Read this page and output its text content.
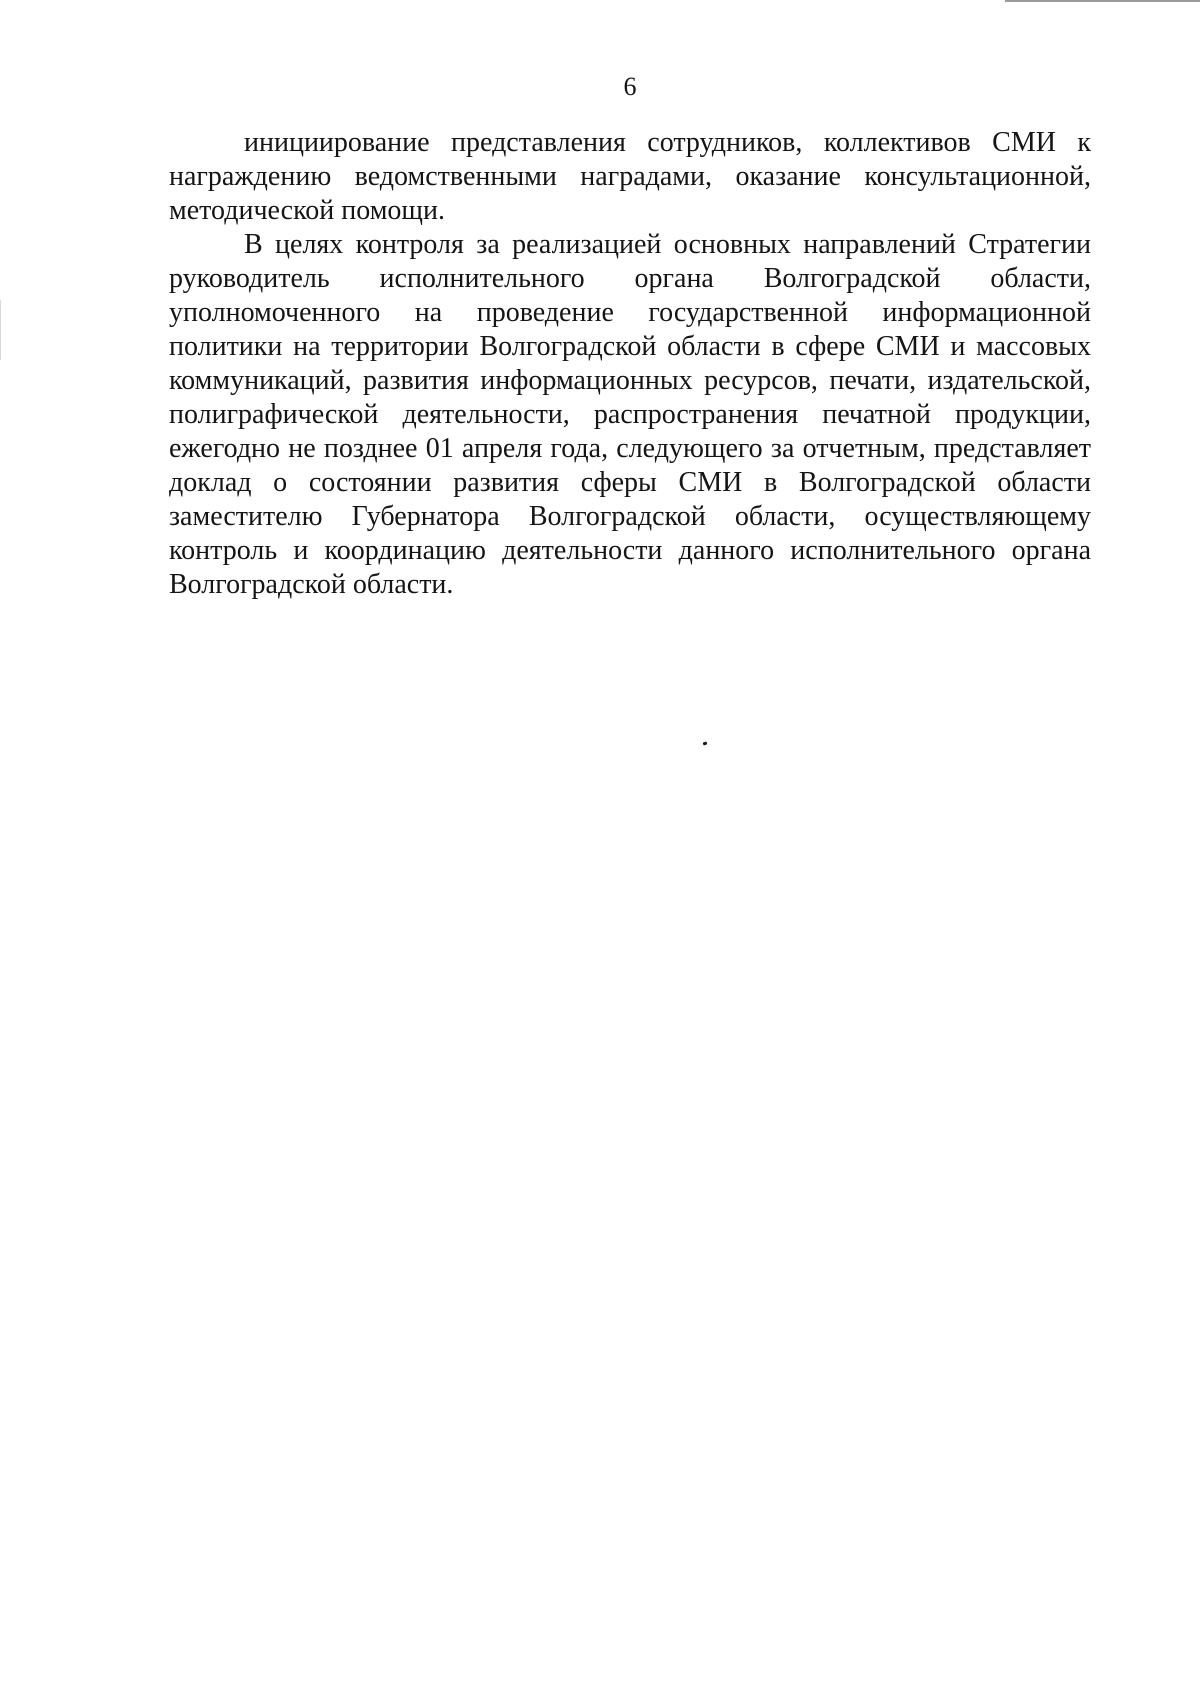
6

инициирование представления сотрудников, коллективов СМИ к награждению ведомственными наградами, оказание консультационной, методической помощи.

В целях контроля за реализацией основных направлений Стратегии руководитель исполнительного органа Волгоградской области, уполномоченного на проведение государственной информационной политики на территории Волгоградской области в сфере СМИ и массовых коммуникаций, развития информационных ресурсов, печати, издательской, полиграфической деятельности, распространения печатной продукции, ежегодно не позднее 01 апреля года, следующего за отчетным, представляет доклад о состоянии развития сферы СМИ в Волгоградской области заместителю Губернатора Волгоградской области, осуществляющему контроль и координацию деятельности данного исполнительного органа Волгоградской области.
